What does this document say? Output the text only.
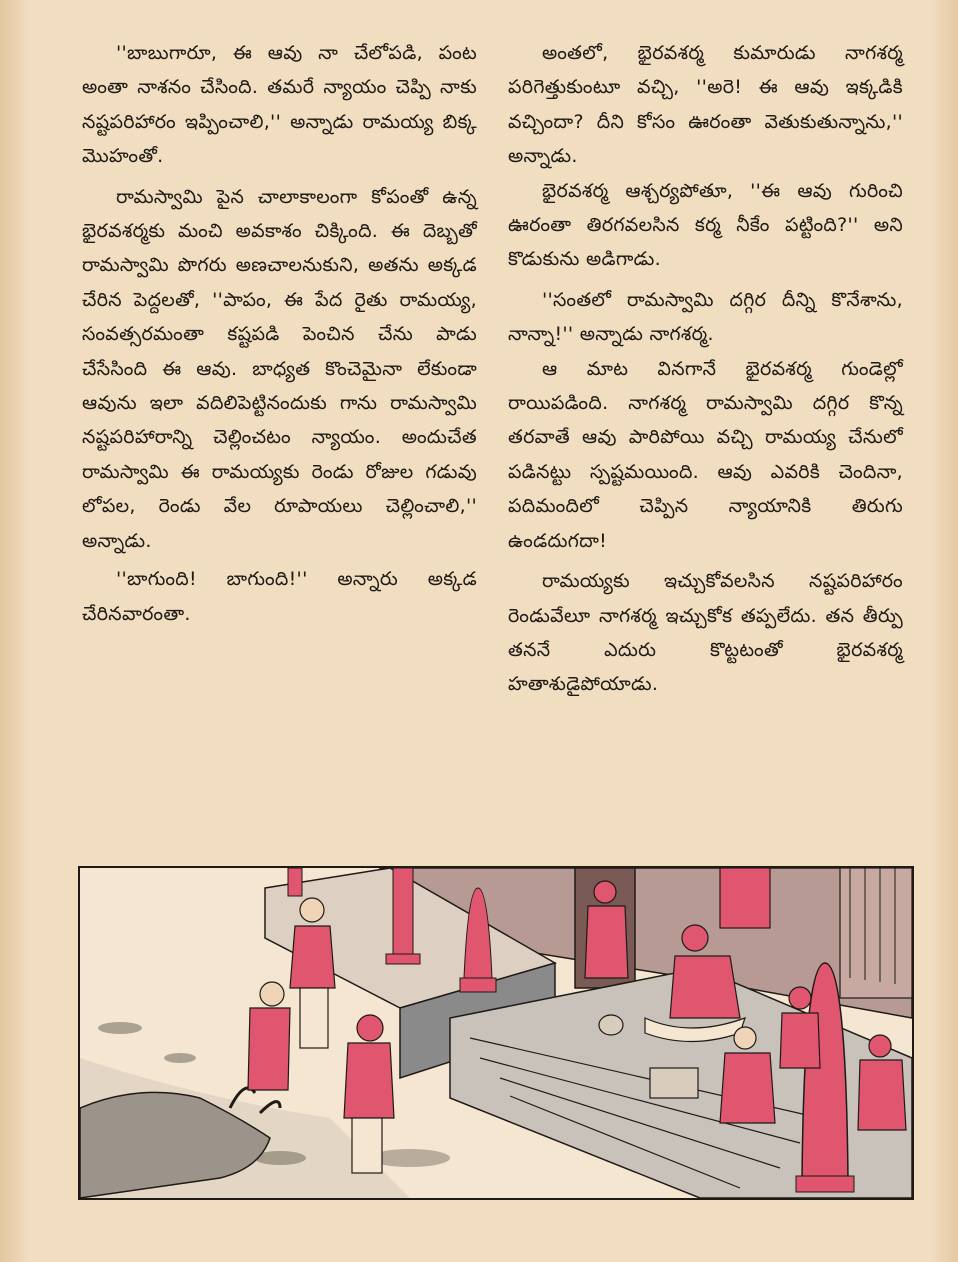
''బాబుగారూ, ఈ ఆవు నా చేలోపడి, పంట అంతా నాశనం చేసింది. తమరే న్యాయం చెప్పి నాకు నష్టపరిహారం ఇప్పించాలి,'' అన్నాడు రామయ్య బిక్క మొహంతో.

రామస్వామి పైన చాలాకాలంగా కోపంతో ఉన్న భైరవశర్మకు మంచి అవకాశం చిక్కింది. ఈ దెబ్బతో రామస్వామి పొగరు అణచాలనుకుని, అతను అక్కడ చేరిన పెద్దలతో, ''పాపం, ఈ పేద రైతు రామయ్య, సంవత్సరమంతా కష్టపడి పెంచిన చేను పాడు చేసేసింది ఈ ఆవు. బాధ్యత కొంచెమైనా లేకుండా ఆవును ఇలా వదిలిపెట్టినందుకు గాను రామస్వామి నష్టపరిహారాన్ని చెల్లించటం న్యాయం. అందుచేత రామస్వామి ఈ రామయ్యకు రెండు రోజుల గడువు లోపల, రెండు వేల రూపాయలు చెల్లించాలి,'' అన్నాడు.

''బాగుంది! బాగుంది!'' అన్నారు అక్కడ చేరినవారంతా.

అంతలో, భైరవశర్మ కుమారుడు నాగశర్మ పరిగెత్తుకుంటూ వచ్చి, ''అరె! ఈ ఆవు ఇక్కడికి వచ్చిందా? దీని కోసం ఊరంతా వెతుకుతున్నాను,'' అన్నాడు.

భైరవశర్మ ఆశ్చర్యపోతూ, ''ఈ ఆవు గురించి ఊరంతా తిరగవలసిన కర్మ నీకేం పట్టింది?'' అని కొడుకును అడిగాడు.

''సంతలో రామస్వామి దగ్గిర దీన్ని కొనేశాను, నాన్నా!'' అన్నాడు నాగశర్మ.

ఆ మాట వినగానే భైరవశర్మ గుండెల్లో రాయిపడింది. నాగశర్మ రామస్వామి దగ్గిర కొన్న తరవాతే ఆవు పారిపోయి వచ్చి రామయ్య చేనులో పడినట్టు స్పష్టమయింది. ఆవు ఎవరికి చెందినా, పదిమందిలో చెప్పిన న్యాయానికి తిరుగు ఉండదుగదా!

రామయ్యకు ఇచ్చుకోవలసిన నష్టపరిహారం రెండువేలూ నాగశర్మ ఇచ్చుకోక తప్పలేదు. తన తీర్పు తననే ఎదురు కొట్టటంతో భైరవశర్మ హతాశుడైపోయాడు.
